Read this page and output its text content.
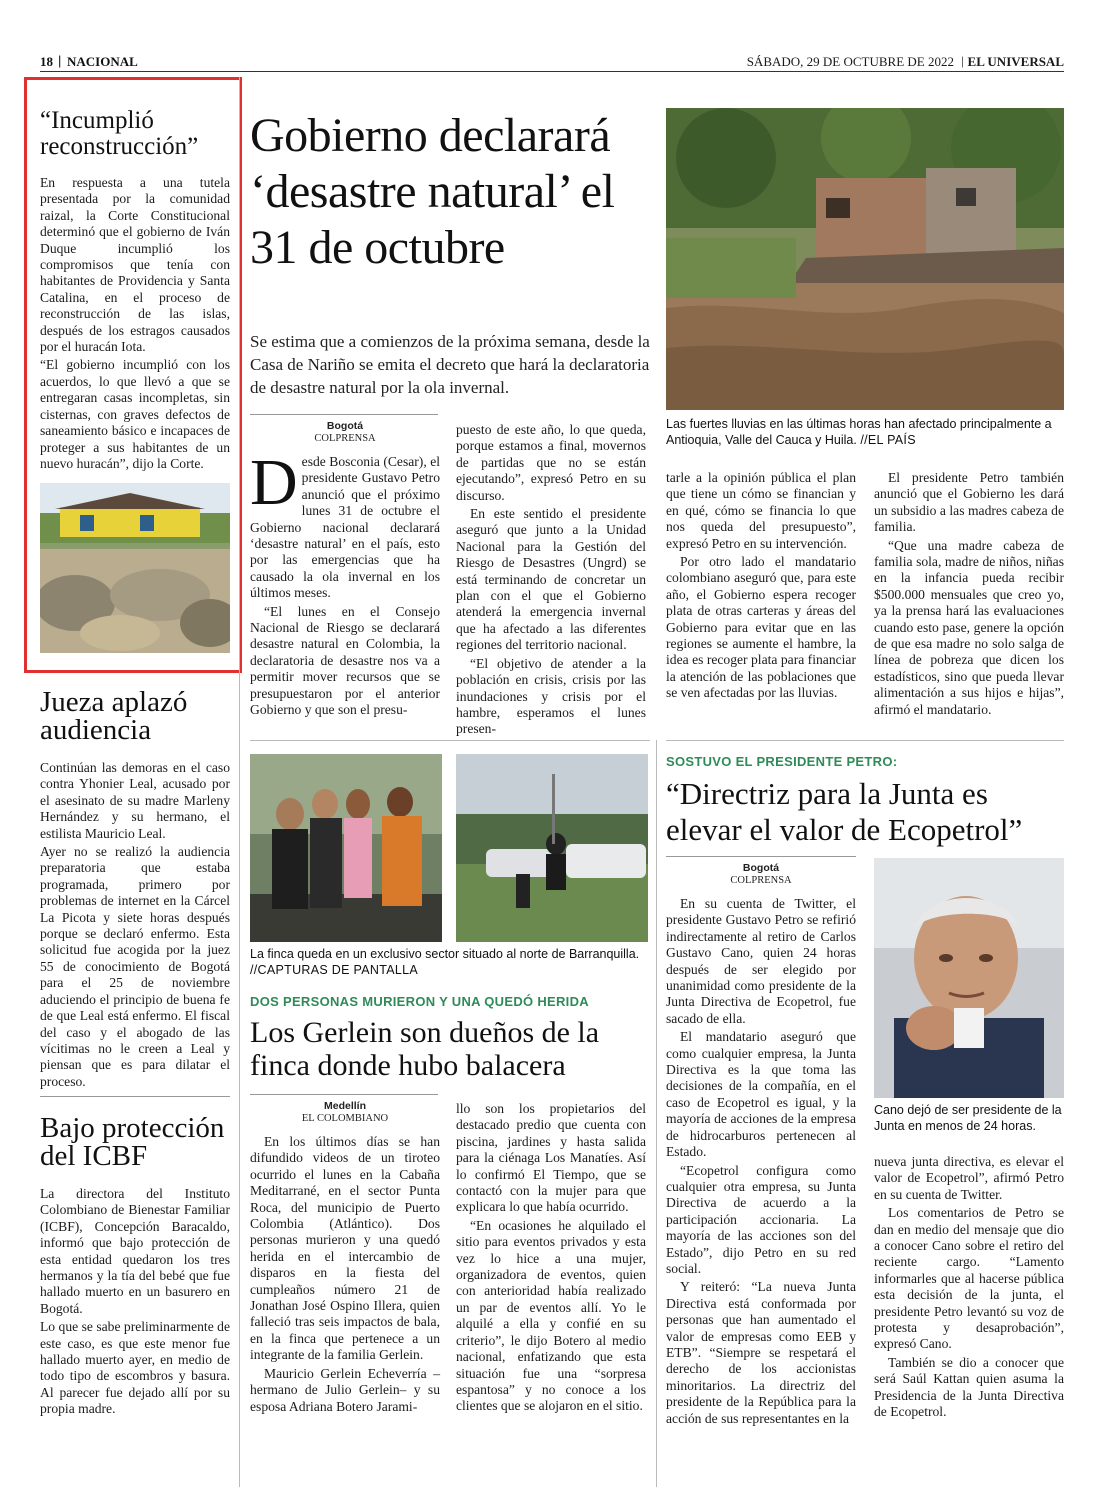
18 | NACIONAL	SÁBADO, 29 DE OCTUBRE DE 2022 | EL UNIVERSAL
“Incumplió reconstrucción”

En respuesta a una tutela presentada por la comunidad raizal, la Corte Constitucional determinó que el gobierno de Iván Duque incumplió los compromisos que tenía con habitantes de Providencia y Santa Catalina, en el proceso de reconstrucción de las islas, después de los estragos causados por el huracán Iota.

“El gobierno incumplió con los acuerdos, lo que llevó a que se entregaran casas incompletas, sin cisternas, con graves defectos de saneamiento básico e incapaces de proteger a sus habitantes de un nuevo huracán”, dijo la Corte.

Jueza aplazó audiencia

Continúan las demoras en el caso contra Yhonier Leal, acusado por el asesinato de su madre Marleny Hernández y su hermano, el estilista Mauricio Leal.

Ayer no se realizó la audiencia preparatoria que estaba programada, primero por problemas de internet en la Cárcel La Picota y siete horas después porque se declaró enfermo. Esta solicitud fue acogida por la juez 55 de conocimiento de Bogotá para el 25 de noviembre aduciendo el principio de buena fe de que Leal está enfermo. El fiscal del caso y el abogado de las vícitimas no le creen a Leal y piensan que es para dilatar el proceso.

Bajo protección del ICBF

La directora del Instituto Colombiano de Bienestar Familiar (ICBF), Concepción Baracaldo, informó que bajo protección de esta entidad quedaron los tres hermanos y la tía del bebé que fue hallado muerto en un basurero en Bogotá.

Lo que se sabe preliminarmente de este caso, es que este menor fue hallado muerto ayer, en medio de todo tipo de escombros y basura. Al parecer fue dejado allí por su propia madre.

Gobierno declarará ‘desastre natural’ el 31 de octubre
Se estima que a comienzos de la próxima semana, desde la Casa de Nariño se emita el decreto que hará la declaratoria de desastre natural por la ola invernal.
Las fuertes lluvias en las últimas horas han afectado principalmente a Antioquia, Valle del Cauca y Huila. //EL PAÍS
Bogotá
COLPRENSA
D esde Bosconia (Cesar), el presidente Gustavo Petro anunció que el próximo lunes 31 de octubre el Gobierno nacional declarará ‘desastre natural’ en el país, esto por las emergencias que ha causado la ola invernal en los últimos meses.

“El lunes en el Consejo Nacional de Riesgo se declarará desastre natural en Colombia, la declaratoria de desastre nos va a permitir mover recursos que se presupuestaron por el anterior Gobierno y que son el presu-

puesto de este año, lo que queda, porque estamos a final, movernos de partidas que no se están ejecutando”, expresó Petro en su discurso.

En este sentido el presidente aseguró que junto a la Unidad Nacional para la Gestión del Riesgo de Desastres (Ungrd) se está terminando de concretar un plan con el que el Gobierno atenderá la emergencia invernal que ha afectado a las diferentes regiones del territorio nacional.

“El objetivo de atender a la población en crisis, crisis por las inundaciones y crisis por el hambre, esperamos el lunes presen-

tarle a la opinión pública el plan que tiene un cómo se financian y en qué, cómo se financia lo que nos queda del presupuesto”, expresó Petro en su intervención.

Por otro lado el mandatario colombiano aseguró que, para este año, el Gobierno espera recoger plata de otras carteras y áreas del Gobierno para evitar que en las regiones se aumente el hambre, la idea es recoger plata para financiar la atención de las poblaciones que se ven afectadas por las lluvias.

El presidente Petro también anunció que el Gobierno les dará un subsidio a las madres cabeza de familia.

“Que una madre cabeza de familia sola, madre de niños, niñas en la infancia pueda recibir $500.000 mensuales que creo yo, ya la prensa hará las evaluaciones cuando esto pase, genere la opción de que esa madre no solo salga de línea de pobreza que dicen los estadísticos, sino que pueda llevar alimentación a sus hijos e hijas”, afirmó el mandatario.

La finca queda en un exclusivo sector situado al norte de Barranquilla. //CAPTURAS DE PANTALLA
DOS PERSONAS MURIERON Y UNA QUEDÓ HERIDA
Los Gerlein son dueños de la finca donde hubo balacera
Medellín
EL COLOMBIANO

En los últimos días se han difundido videos de un tiroteo ocurrido el lunes en la Cabaña Meditarrané, en el sector Punta Roca, del municipio de Puerto Colombia (Atlántico). Dos personas murieron y una quedó herida en el intercambio de disparos en la fiesta del cumpleaños número 21 de Jonathan José Ospino Illera, quien falleció tras seis impactos de bala, en la finca que pertenece a un integrante de la familia Gerlein.

Mauricio Gerlein Echeverría –hermano de Julio Gerlein– y su esposa Adriana Botero Jarami-

llo son los propietarios del destacado predio que cuenta con piscina, jardines y hasta salida para la ciénaga Los Manatíes. Así lo confirmó El Tiempo, que se contactó con la mujer para que explicara lo que había ocurrido.

“En ocasiones he alquilado el sitio para eventos privados y esta vez lo hice a una mujer, organizadora de eventos, quien con anterioridad había realizado un par de eventos allí. Yo le alquilé a ella y confié en su criterio”, le dijo Botero al medio nacional, enfatizando que esta situación fue una “sorpresa espantosa” y no conoce a los clientes que se alojaron en el sitio.

SOSTUVO EL PRESIDENTE PETRO:
“Directriz para la Junta es elevar el valor de Ecopetrol”
Bogotá
COLPRENSA

En su cuenta de Twitter, el presidente Gustavo Petro se refirió indirectamente al retiro de Carlos Gustavo Cano, quien 24 horas después de ser elegido por unanimidad como presidente de la Junta Directiva de Ecopetrol, fue sacado de ella.

El mandatario aseguró que como cualquier empresa, la Junta Directiva es la que toma las decisiones de la compañía, en el caso de Ecopetrol es igual, y la mayoría de acciones de la empresa de hidrocarburos pertenecen al Estado.

“Ecopetrol configura como cualquier otra empresa, su Junta Directiva de acuerdo a la participación accionaria. La mayoría de las acciones son del Estado”, dijo Petro en su red social.

Y reiteró: “La nueva Junta Directiva está conformada por personas que han aumentado el valor de empresas como EEB y ETB”. “Siempre se respetará el derecho de los accionistas minoritarios. La directriz del presidente de la República para la acción de sus representantes en la

Cano dejó de ser presidente de la Junta en menos de 24 horas.

nueva junta directiva, es elevar el valor de Ecopetrol”, afirmó Petro en su cuenta de Twitter.

Los comentarios de Petro se dan en medio del mensaje que dio a conocer Cano sobre el retiro del reciente cargo. “Lamento informarles que al hacerse pública esta decisión de la junta, el presidente Petro levantó su voz de protesta y desaprobación”, expresó Cano.

También se dio a conocer que será Saúl Kattan quien asuma la Presidencia de la Junta Directiva de Ecopetrol.
